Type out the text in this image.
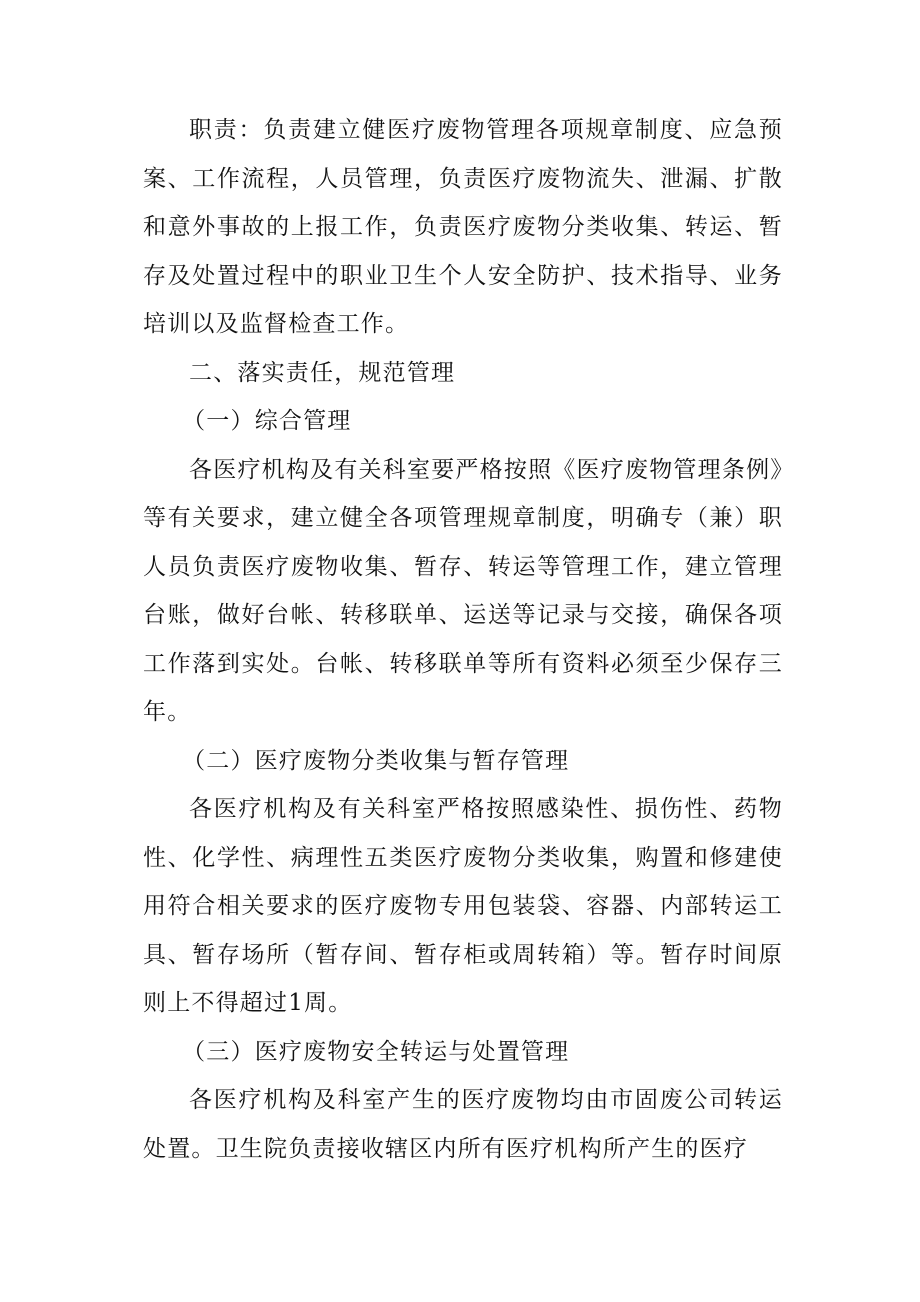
职责：负责建立健医疗废物管理各项规章制度、应急预案、工作流程，人员管理，负责医疗废物流失、泄漏、扩散和意外事故的上报工作，负责医疗废物分类收集、转运、暂存及处置过程中的职业卫生个人安全防护、技术指导、业务培训以及监督检查工作。

二、落实责任，规范管理

（一）综合管理

各医疗机构及有关科室要严格按照《医疗废物管理条例》等有关要求，建立健全各项管理规章制度，明确专（兼）职人员负责医疗废物收集、暂存、转运等管理工作，建立管理台账，做好台帐、转移联单、运送等记录与交接，确保各项工作落到实处。台帐、转移联单等所有资料必须至少保存三年。

（二）医疗废物分类收集与暂存管理

各医疗机构及有关科室严格按照感染性、损伤性、药物性、化学性、病理性五类医疗废物分类收集，购置和修建使用符合相关要求的医疗废物专用包装袋、容器、内部转运工具、暂存场所（暂存间、暂存柜或周转箱）等。暂存时间原则上不得超过1周。

（三）医疗废物安全转运与处置管理

各医疗机构及科室产生的医疗废物均由市固废公司转运处置。卫生院负责接收辖区内所有医疗机构所产生的医疗
